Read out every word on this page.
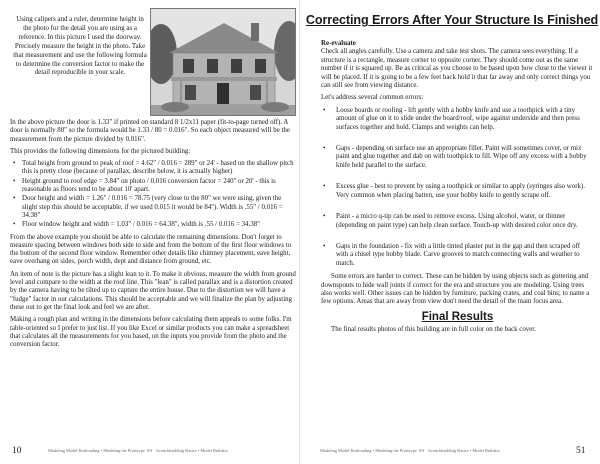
Using calipers and a ruler, determine height in the photo for the detail you are using as a reference. In this picture I used the doorway. Precisely measure the height in the photo. Take that measurement and use the following formula to determine the conversion factor to make the detail reproducible in your scale.

In the above picture the door is 1.33" if printed on standard 8 1/2x11 paper (fit-to-page turned off). A door is normally 80" so the formula would be 1.33 / 80 = 0.016". So each object measured will be the measurement from the picture divided by 0.016".

This provides the following dimensions for the pictured building:

• Total height from ground to peak of roof = 4.62" / 0.016 = 289" or 24' - based on the shallow pitch this is pretty close (because of parallax, describe below, it is actually higher)
• Height ground to roof edge = 3.84" on photo / 0.016 conversion factor = 240" or 20' - this is reasonable as floors tend to be about 10' apart.
• Door height and width = 1.26" / 0.016 = 78.75 (very close to the 80" we were using, given the slight step this should be acceptable, if we used 0.015 it would be 84"). Width is .55" / 0.016 = 34.38"
• Floor window height and width = 1.03" / 0.016 = 64.38", width is .55 / 0.016 = 34.38"

From the above example you should be able to calculate the remaining dimensions. Don't forget to measure spacing between windows both side to side and from the bottom of the first floor windows to the bottom of the second floor window. Remember other details like chimney placement, eave height, eave overhang on sides, porch width, dept and distance from ground, etc.

An item of note is the picture has a slight lean to it. To make it obvious, measure the width from ground level and compare to the width at the roof line. This "lean" is called parallax and is a distortion created by the camera having to be tilted up to capture the entire house. Due to the distortion we will have a "fudge" factor in our calculations. This should be acceptable and we will finalize the plan by adjusting these out to get the final look and feel we are after.

Making a rough plan and writing in the dimensions before calculating them appeals to some folks. I'm table-oriented so I prefer to just list. If you like Excel or similar products you can make a spreadsheet that calculates all the measurements for you based, on the inputs you provide from the photo and the conversion factor.

10	Modeling Model Railroading • Modeling the Prototype 101 · Scratchbuilding Basics • Model Builders
Correcting Errors After Your Structure Is Finished
Re-evaluate

Check all angles carefully. Use a camera and take test shots. The camera sees everything. If a structure is a rectangle, measure corner to opposite corner. They should come out as the same number if it is squared up. Be as critical as you choose to be based upon how close to the viewer it will be placed. If it is going to be a few feet back hold it that far away and only correct things you can still see from viewing distance.

Let's address several common errors:

• Loose boards or roofing - lift gently with a hobby knife and use a toothpick with a tiny amount of glue on it to slide under the board/roof, wipe against underside and then press surfaces together and hold. Clamps and weights can help.
• Gaps - depending on surface use an appropriate filler. Paint will sometimes cover, or mix paint and glue together and dab on with toothpick to fill. Wipe off any excess with a hobby knife held parallel to the surface.
• Excess glue - best to prevent by using a toothpick or similar to apply (syringes also work). Very common when placing batten, use your hobby knife to gently scrape off.
• Paint - a micro q-tip can be used to remove excess. Using alcohol, water, or thinner (depending on paint type) can help clean surface. Touch-up with desired color once dry.
• Gaps in the foundation - fix with a little tinted plaster put in the gap and then scraped off with a chisel type hobby blade. Carve grooves to match connecting walls and weather to match.

Some errors are harder to correct. These can be hidden by using objects such as guttering and downspouts to hide wall joints if correct for the era and structure you are modeling. Using trees also works well. Other issues can be hidden by furniture, packing crates, and coal bins; to name a few options. Areas that are away from view don't need the detail of the main focus area.

Final Results

The final results photos of this building are in full color on the back cover.

Modeling Model Railroading • Modeling the Prototype 101 · Scratchbuilding Basics • Model Builders	51
